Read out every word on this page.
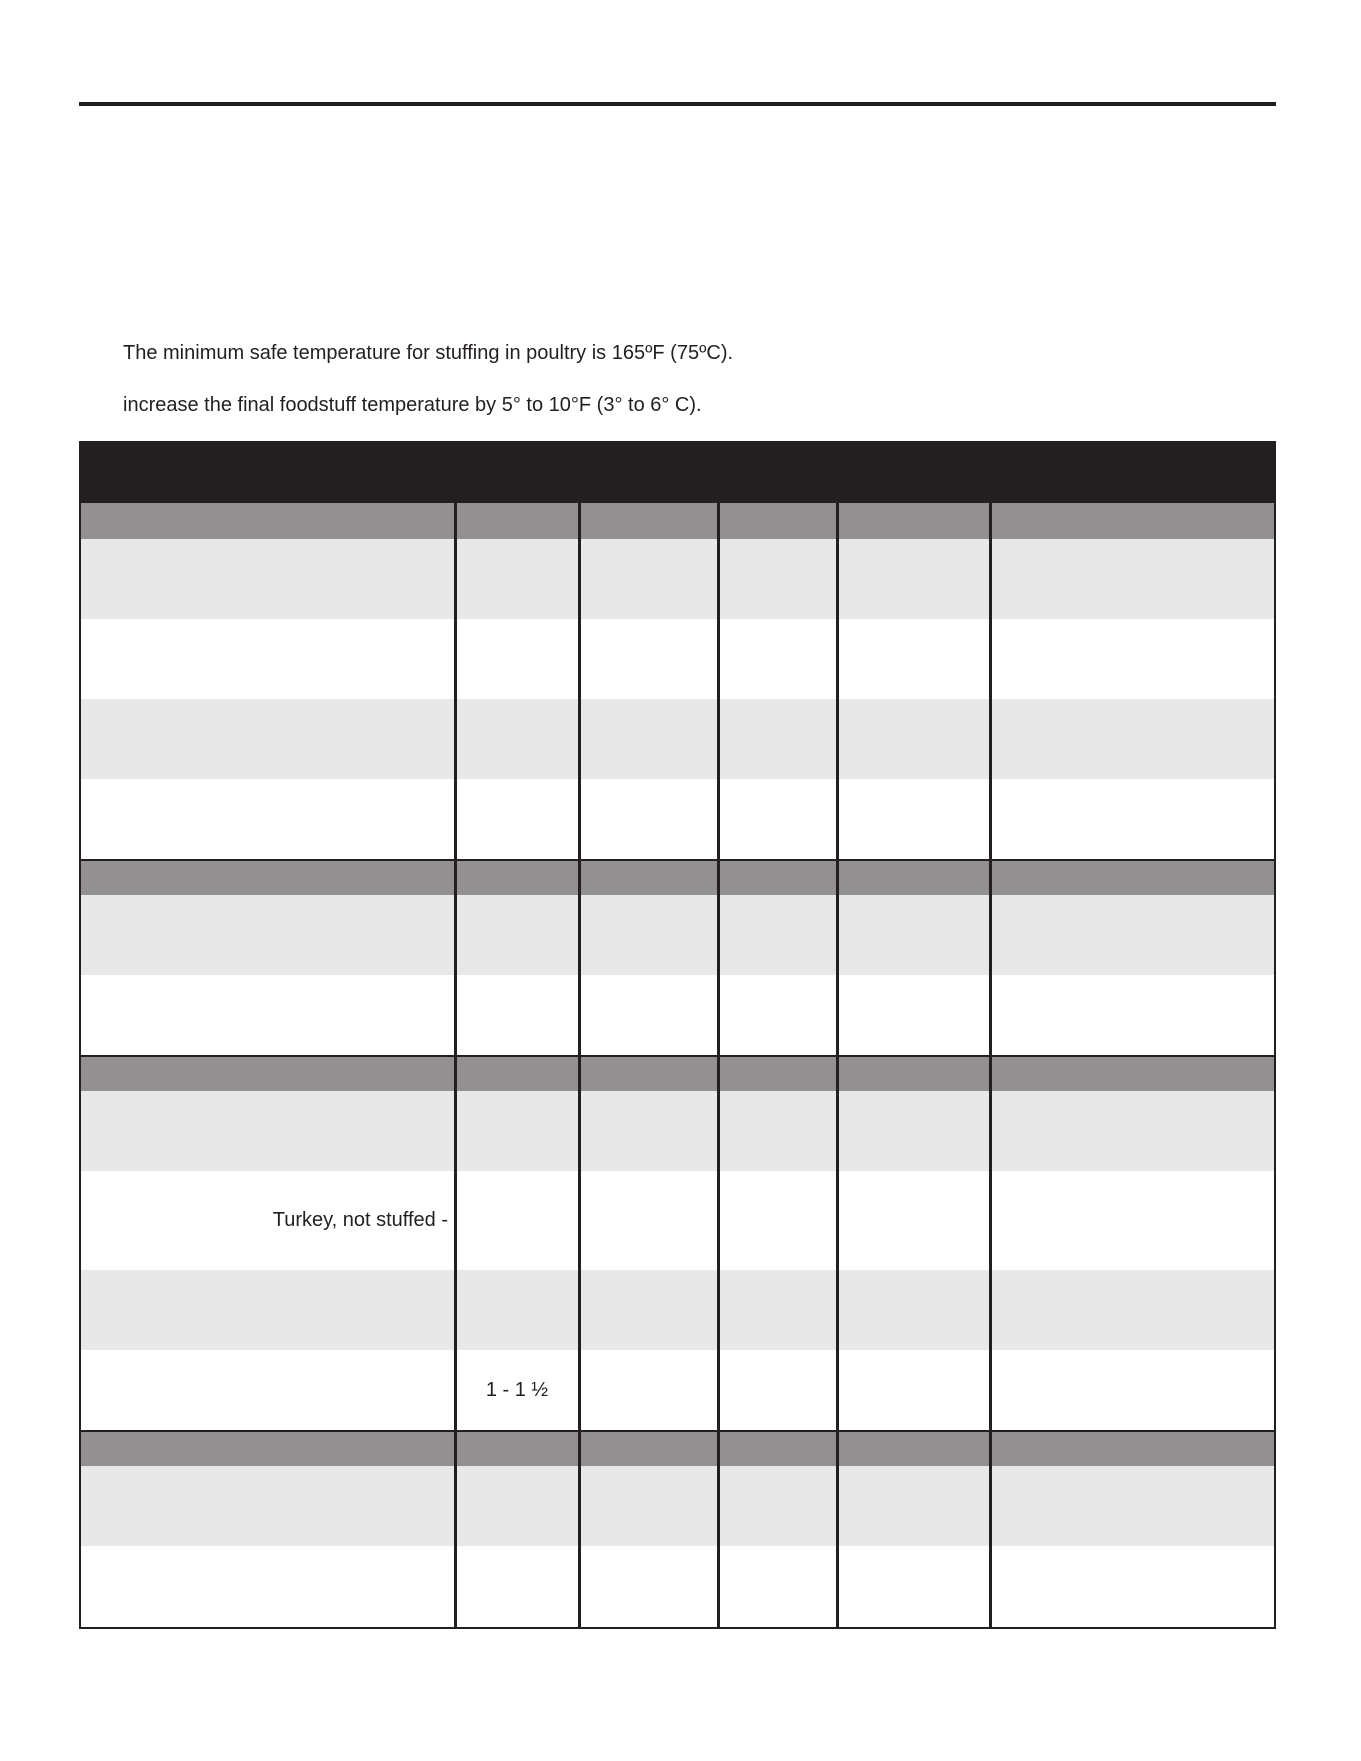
The minimum safe temperature for stuffing in poultry is 165ºF (75ºC).
increase the final foodstuff temperature by 5° to 10°F (3° to 6° C).
Turkey, not stuffed -
1 - 1 ½
